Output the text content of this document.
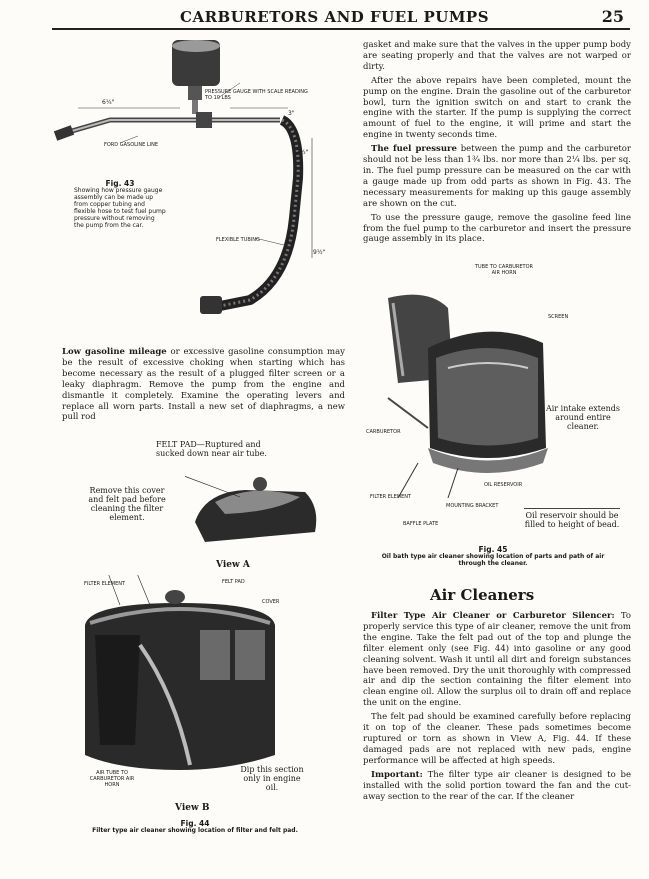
CARBURETORS AND FUEL PUMPS	25
PRESSURE GAUGE WITH SCALE READING TO 10 LBS
6¼"
3"
2½"
9½"
FORD GASOLINE LINE
FLEXIBLE TUBING
Fig. 43
Showing how pressure gauge assembly can be made up from copper tubing and flexible hose to test fuel pump pressure without removing the pump from the car.

Low gasoline mileage or excessive gasoline consumption may be the result of excessive choking when starting which has become necessary as the result of a plugged filter screen or a leaky diaphragm. Remove the pump from the engine and dismantle it completely. Examine the operating levers and replace all worn parts. Install a new set of diaphragms, a new pull rod

FELT PAD—Ruptured and sucked down near air tube.
Remove this cover and felt pad before cleaning the filter element.
View A
FILTER ELEMENT	FELT PAD
COVER
AIR TUBE TO CARBURETOR AIR HORN
Dip this section only in engine oil.
View B
Fig. 44
Filter type air cleaner showing location of filter and felt pad.

gasket and make sure that the valves in the upper pump body are seating properly and that the valves are not warped or dirty.

After the above repairs have been completed, mount the pump on the engine. Drain the gasoline out of the carburetor bowl, turn the ignition switch on and start to crank the engine with the starter. If the pump is supplying the correct amount of fuel to the engine, it will prime and start the engine in twenty seconds time.

The fuel pressure between the pump and the carburetor should not be less than 1¾ lbs. nor more than 2¼ lbs. per sq. in. The fuel pump pressure can be measured on the car with a gauge made up from odd parts as shown in Fig. 43. The necessary measurements for making up this gauge assembly are shown on the cut.

To use the pressure gauge, remove the gasoline feed line from the fuel pump to the carburetor and insert the pressure gauge assembly in its place.

TUBE TO CARBURETOR AIR HORN
SCREEN
Air intake extends around entire cleaner.
CARBURETOR
OIL RESERVOIR
FILTER ELEMENT
MOUNTING BRACKET
BAFFLE PLATE
Oil reservoir should be filled to height of bead.
Fig. 45
Oil bath type air cleaner showing location of parts and path of air through the cleaner.
Air Cleaners

Filter Type Air Cleaner or Carburetor Silencer: To properly service this type of air cleaner, remove the unit from the engine. Take the felt pad out of the top and plunge the filter element only (see Fig. 44) into gasoline or any good cleaning solvent. Wash it until all dirt and foreign substances have been removed. Dry the unit thoroughly with compressed air and dip the section containing the filter element into clean engine oil. Allow the surplus oil to drain off and replace the unit on the engine.

The felt pad should be examined carefully before replacing it on top of the cleaner. These pads sometimes become ruptured or torn as shown in View A, Fig. 44. If these damaged pads are not replaced with new pads, engine performance will be affected at high speeds.

Important: The filter type air cleaner is designed to be installed with the solid portion toward the fan and the cut-away section to the rear of the car. If the cleaner
